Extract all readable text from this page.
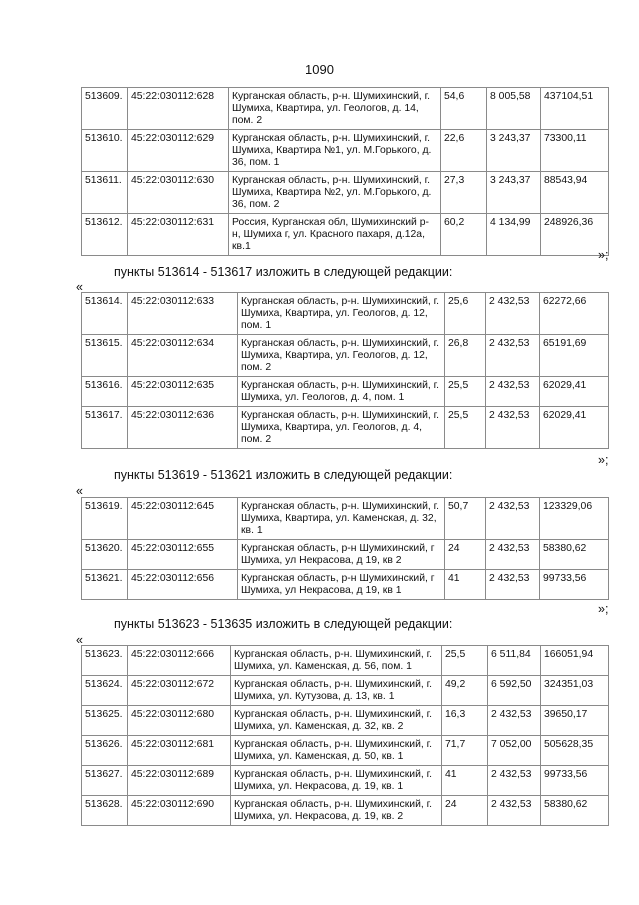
1090
513609.	45:22:030112:628	Курганская область, р-н. Шумихинский, г. Шумиха, Квартира, ул. Геологов, д. 14, пом. 2	54,6	8 005,58	437104,51
513610.	45:22:030112:629	Курганская область, р-н. Шумихинский, г. Шумиха, Квартира №1, ул. М.Горького, д. 36, пом. 1	22,6	3 243,37	73300,11
513611.	45:22:030112:630	Курганская область, р-н. Шумихинский, г. Шумиха, Квартира №2, ул. М.Горького, д. 36, пом. 2	27,3	3 243,37	88543,94
513612.	45:22:030112:631	Россия, Курганская обл, Шумихинский р-н, Шумиха г, ул. Красного пахаря, д.12а, кв.1	60,2	4 134,99	248926,36
»;
пункты 513614 - 513617 изложить в следующей редакции:
«
513614.	45:22:030112:633	Курганская область, р-н. Шумихинский, г. Шумиха, Квартира, ул. Геологов, д. 12, пом. 1	25,6	2 432,53	62272,66
513615.	45:22:030112:634	Курганская область, р-н. Шумихинский, г. Шумиха, Квартира, ул. Геологов, д. 12, пом. 2	26,8	2 432,53	65191,69
513616.	45:22:030112:635	Курганская область, р-н. Шумихинский, г. Шумиха, ул. Геологов, д. 4, пом. 1	25,5	2 432,53	62029,41
513617.	45:22:030112:636	Курганская область, р-н. Шумихинский, г. Шумиха, Квартира, ул. Геологов, д. 4, пом. 2	25,5	2 432,53	62029,41
»;
пункты 513619 - 513621 изложить в следующей редакции:
«
513619.	45:22:030112:645	Курганская область, р-н. Шумихинский, г. Шумиха, Квартира, ул. Каменская, д. 32, кв. 1	50,7	2 432,53	123329,06
513620.	45:22:030112:655	Курганская область, р-н Шумихинский, г Шумиха, ул Некрасова, д 19, кв 2	24	2 432,53	58380,62
513621.	45:22:030112:656	Курганская область, р-н Шумихинский, г Шумиха, ул Некрасова, д 19, кв 1	41	2 432,53	99733,56
»;
пункты 513623 - 513635 изложить в следующей редакции:
«
513623.	45:22:030112:666	Курганская область, р-н. Шумихинский, г. Шумиха, ул. Каменская, д. 56, пом. 1	25,5	6 511,84	166051,94
513624.	45:22:030112:672	Курганская область, р-н. Шумихинский, г. Шумиха, ул. Кутузова, д. 13, кв. 1	49,2	6 592,50	324351,03
513625.	45:22:030112:680	Курганская область, р-н. Шумихинский, г. Шумиха, ул. Каменская, д. 32, кв. 2	16,3	2 432,53	39650,17
513626.	45:22:030112:681	Курганская область, р-н. Шумихинский, г. Шумиха, ул. Каменская, д. 50, кв. 1	71,7	7 052,00	505628,35
513627.	45:22:030112:689	Курганская область, р-н. Шумихинский, г. Шумиха, ул. Некрасова, д. 19, кв. 1	41	2 432,53	99733,56
513628.	45:22:030112:690	Курганская область, р-н. Шумихинский, г. Шумиха, ул. Некрасова, д. 19, кв. 2	24	2 432,53	58380,62
